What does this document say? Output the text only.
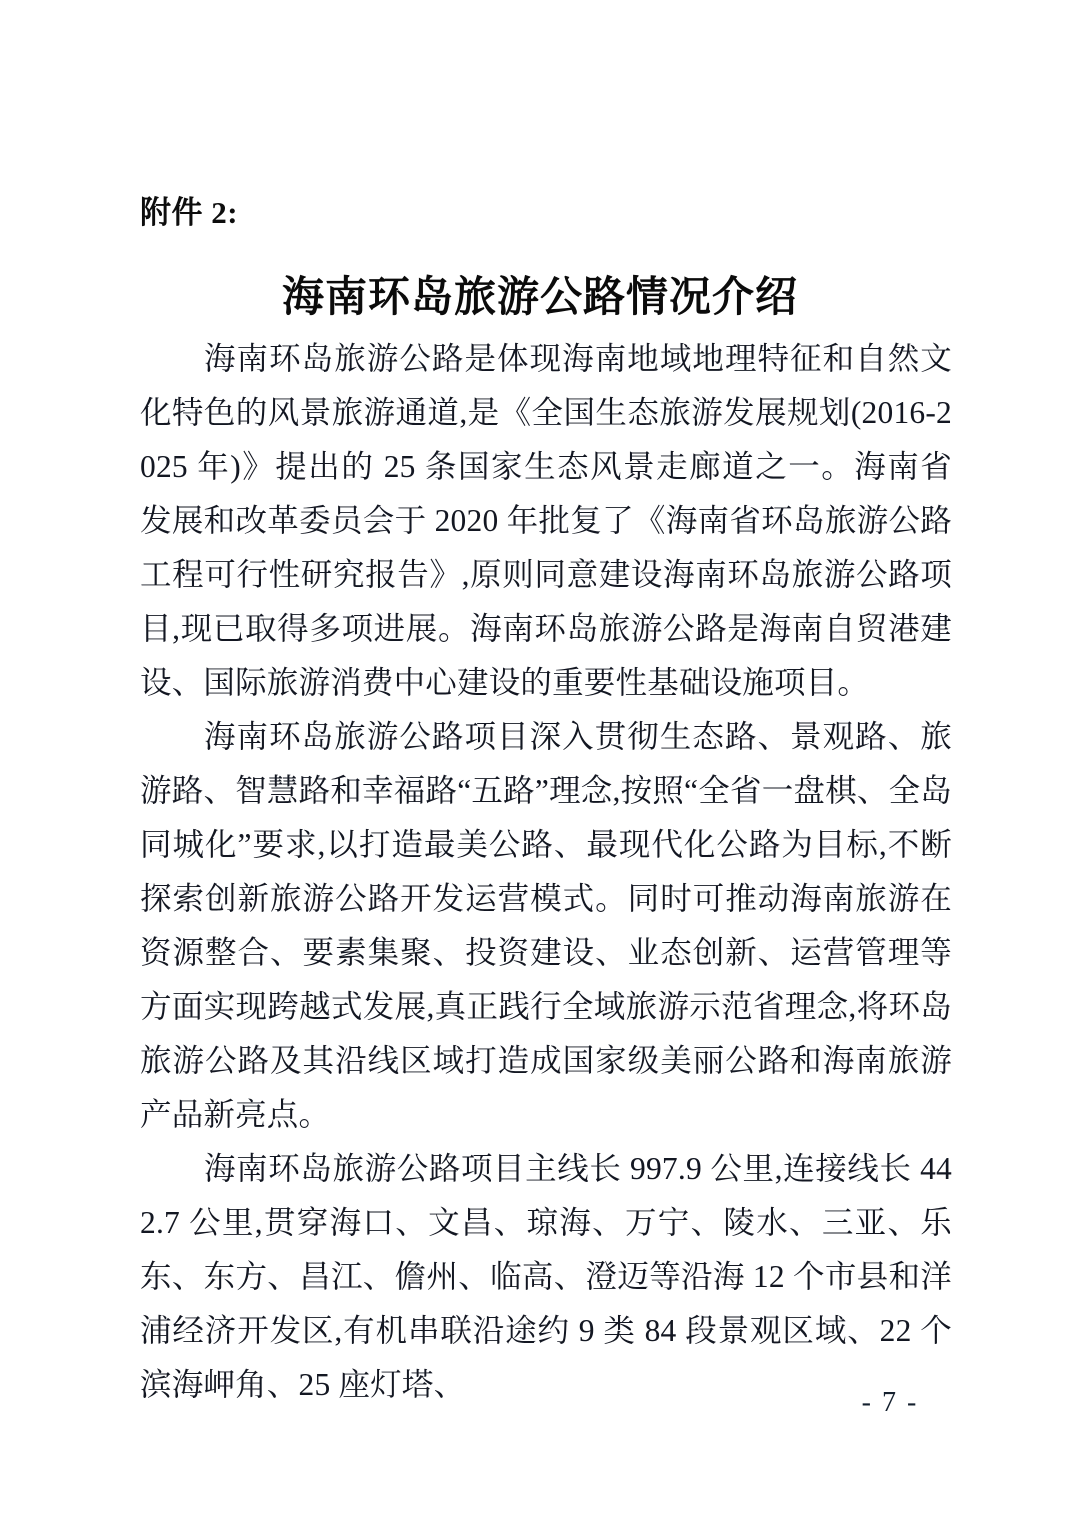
附件 2:
海南环岛旅游公路情况介绍

海南环岛旅游公路是体现海南地域地理特征和自然文化特色的风景旅游通道,是《全国生态旅游发展规划(2016-2025 年)》提出的 25 条国家生态风景走廊道之一。海南省发展和改革委员会于 2020 年批复了《海南省环岛旅游公路工程可行性研究报告》,原则同意建设海南环岛旅游公路项目,现已取得多项进展。海南环岛旅游公路是海南自贸港建设、国际旅游消费中心建设的重要性基础设施项目。

海南环岛旅游公路项目深入贯彻生态路、景观路、旅游路、智慧路和幸福路“五路”理念,按照“全省一盘棋、全岛同城化”要求,以打造最美公路、最现代化公路为目标,不断探索创新旅游公路开发运营模式。同时可推动海南旅游在资源整合、要素集聚、投资建设、业态创新、运营管理等方面实现跨越式发展,真正践行全域旅游示范省理念,将环岛旅游公路及其沿线区域打造成国家级美丽公路和海南旅游产品新亮点。

海南环岛旅游公路项目主线长 997.9 公里,连接线长 442.7 公里,贯穿海口、文昌、琼海、万宁、陵水、三亚、乐东、东方、昌江、儋州、临高、澄迈等沿海 12 个市县和洋浦经济开发区,有机串联沿途约 9 类 84 段景观区域、22 个滨海岬角、25 座灯塔、

- 7 -
